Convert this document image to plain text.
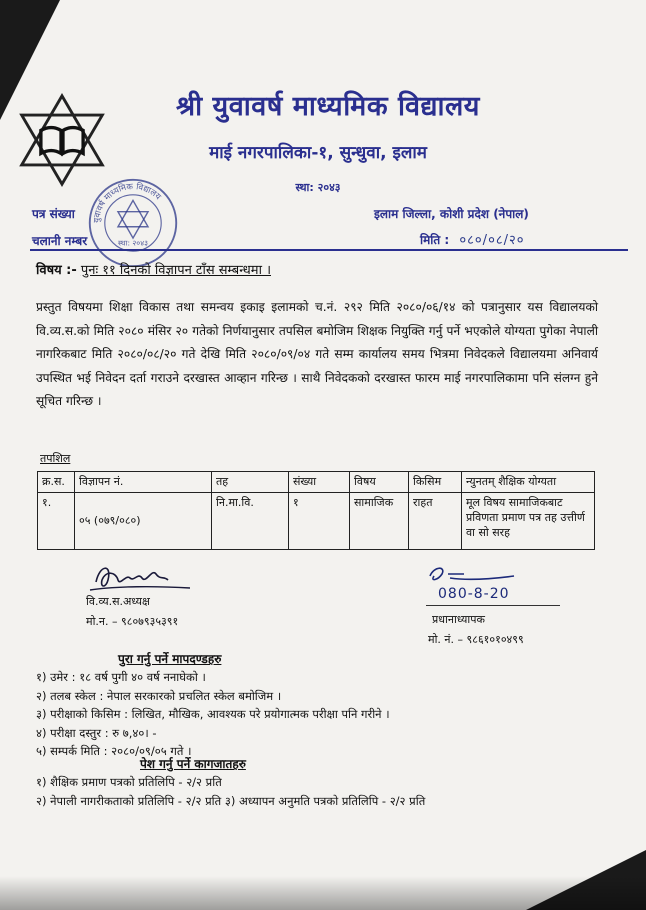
श्री युवावर्ष माध्यमिक विद्यालय
माई नगरपालिका-१, सुन्धुवा, इलाम
स्था: २०४३
पत्र संख्या
चलानी नम्बर
इलाम जिल्ला, कोशी प्रदेश (नेपाल)
मिति : ०८०/०८/२०
युवावर्ष माध्यमिक विद्यालय
स्था: २०४३
विषय :- पुनः ११ दिनको विज्ञापन टाँस सम्बन्धमा ।
प्रस्तुत विषयमा शिक्षा विकास तथा समन्वय इकाइ इलामको च.नं. २९२ मिति २०८०/०६/१४ को पत्रानुसार यस विद्यालयको वि.व्य.स.को मिति २०८० मंसिर २० गतेको निर्णयानुसार तपसिल बमोजिम शिक्षक नियुक्ति गर्नु पर्ने भएकोले योग्यता पुगेका नेपाली नागरिकबाट मिति २०८०/०८/२० गते देखि मिति २०८०/०९/०४ गते सम्म कार्यालय समय भित्रमा निवेदकले विद्यालयमा अनिवार्य उपस्थित भई निवेदन दर्ता गराउने दरखास्त आव्हान गरिन्छ । साथै निवेदकको दरखास्त फारम माई नगरपालिकामा पनि संलग्न हुने सूचित गरिन्छ ।
तपशिल
क्र.स.	विज्ञापन नं.	तह	संख्या	विषय	किसिम	न्युनतम् शैक्षिक योग्यता
१.	०५ (०७९/०८०)	नि.मा.वि.	१	सामाजिक	राहत	मूल विषय सामाजिकबाट प्रविणता प्रमाण पत्र तह उत्तीर्ण वा सो सरह
वि.व्य.स.अध्यक्ष
मो.न. – ९८०७९३५३९१
080-8-20
प्रधानाध्यापक
मो. नं. – ९८६१०१०४९९
पुरा गर्नु पर्ने मापदण्डहरु
१) उमेर : १८ वर्ष पुगी ४० वर्ष ननाघेको ।
२) तलब स्केल : नेपाल सरकारको प्रचलित स्केल बमोजिम ।
३) परीक्षाको किसिम : लिखित, मौखिक, आवश्यक परे प्रयोगात्मक परीक्षा पनि गरीने ।
४) परीक्षा दस्तुर : रु ७,४०। -
५) सम्पर्क मिति : २०८०/०९/०५ गते ।
पेश गर्नु पर्ने कागजातहरु
१) शैक्षिक प्रमाण पत्रको प्रतिलिपि - २/२ प्रति
२) नेपाली नागरीकताको प्रतिलिपि - २/२ प्रति ३) अध्यापन अनुमति पत्रको प्रतिलिपि - २/२ प्रति
